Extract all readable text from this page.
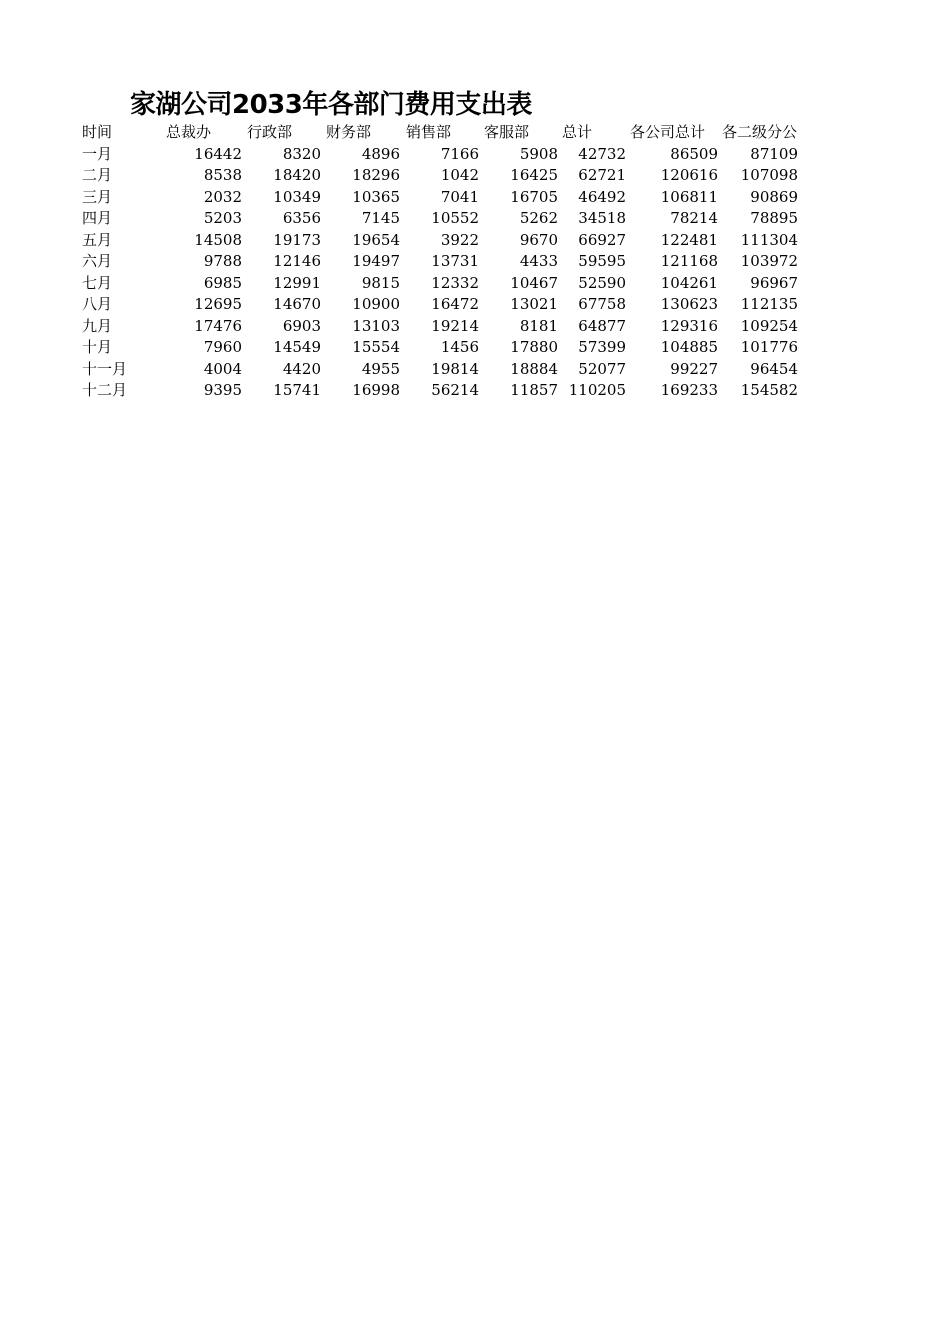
家湖公司2033年各部门费用支出表
时间	总裁办	行政部	财务部	销售部	客服部	总计	各公司总计	各二级分公
一月	16442	8320	4896	7166	5908	42732	86509	87109
二月	8538	18420	18296	1042	16425	62721	120616	107098
三月	2032	10349	10365	7041	16705	46492	106811	90869
四月	5203	6356	7145	10552	5262	34518	78214	78895
五月	14508	19173	19654	3922	9670	66927	122481	111304
六月	9788	12146	19497	13731	4433	59595	121168	103972
七月	6985	12991	9815	12332	10467	52590	104261	96967
八月	12695	14670	10900	16472	13021	67758	130623	112135
九月	17476	6903	13103	19214	8181	64877	129316	109254
十月	7960	14549	15554	1456	17880	57399	104885	101776
十一月	4004	4420	4955	19814	18884	52077	99227	96454
十二月	9395	15741	16998	56214	11857	110205	169233	154582
